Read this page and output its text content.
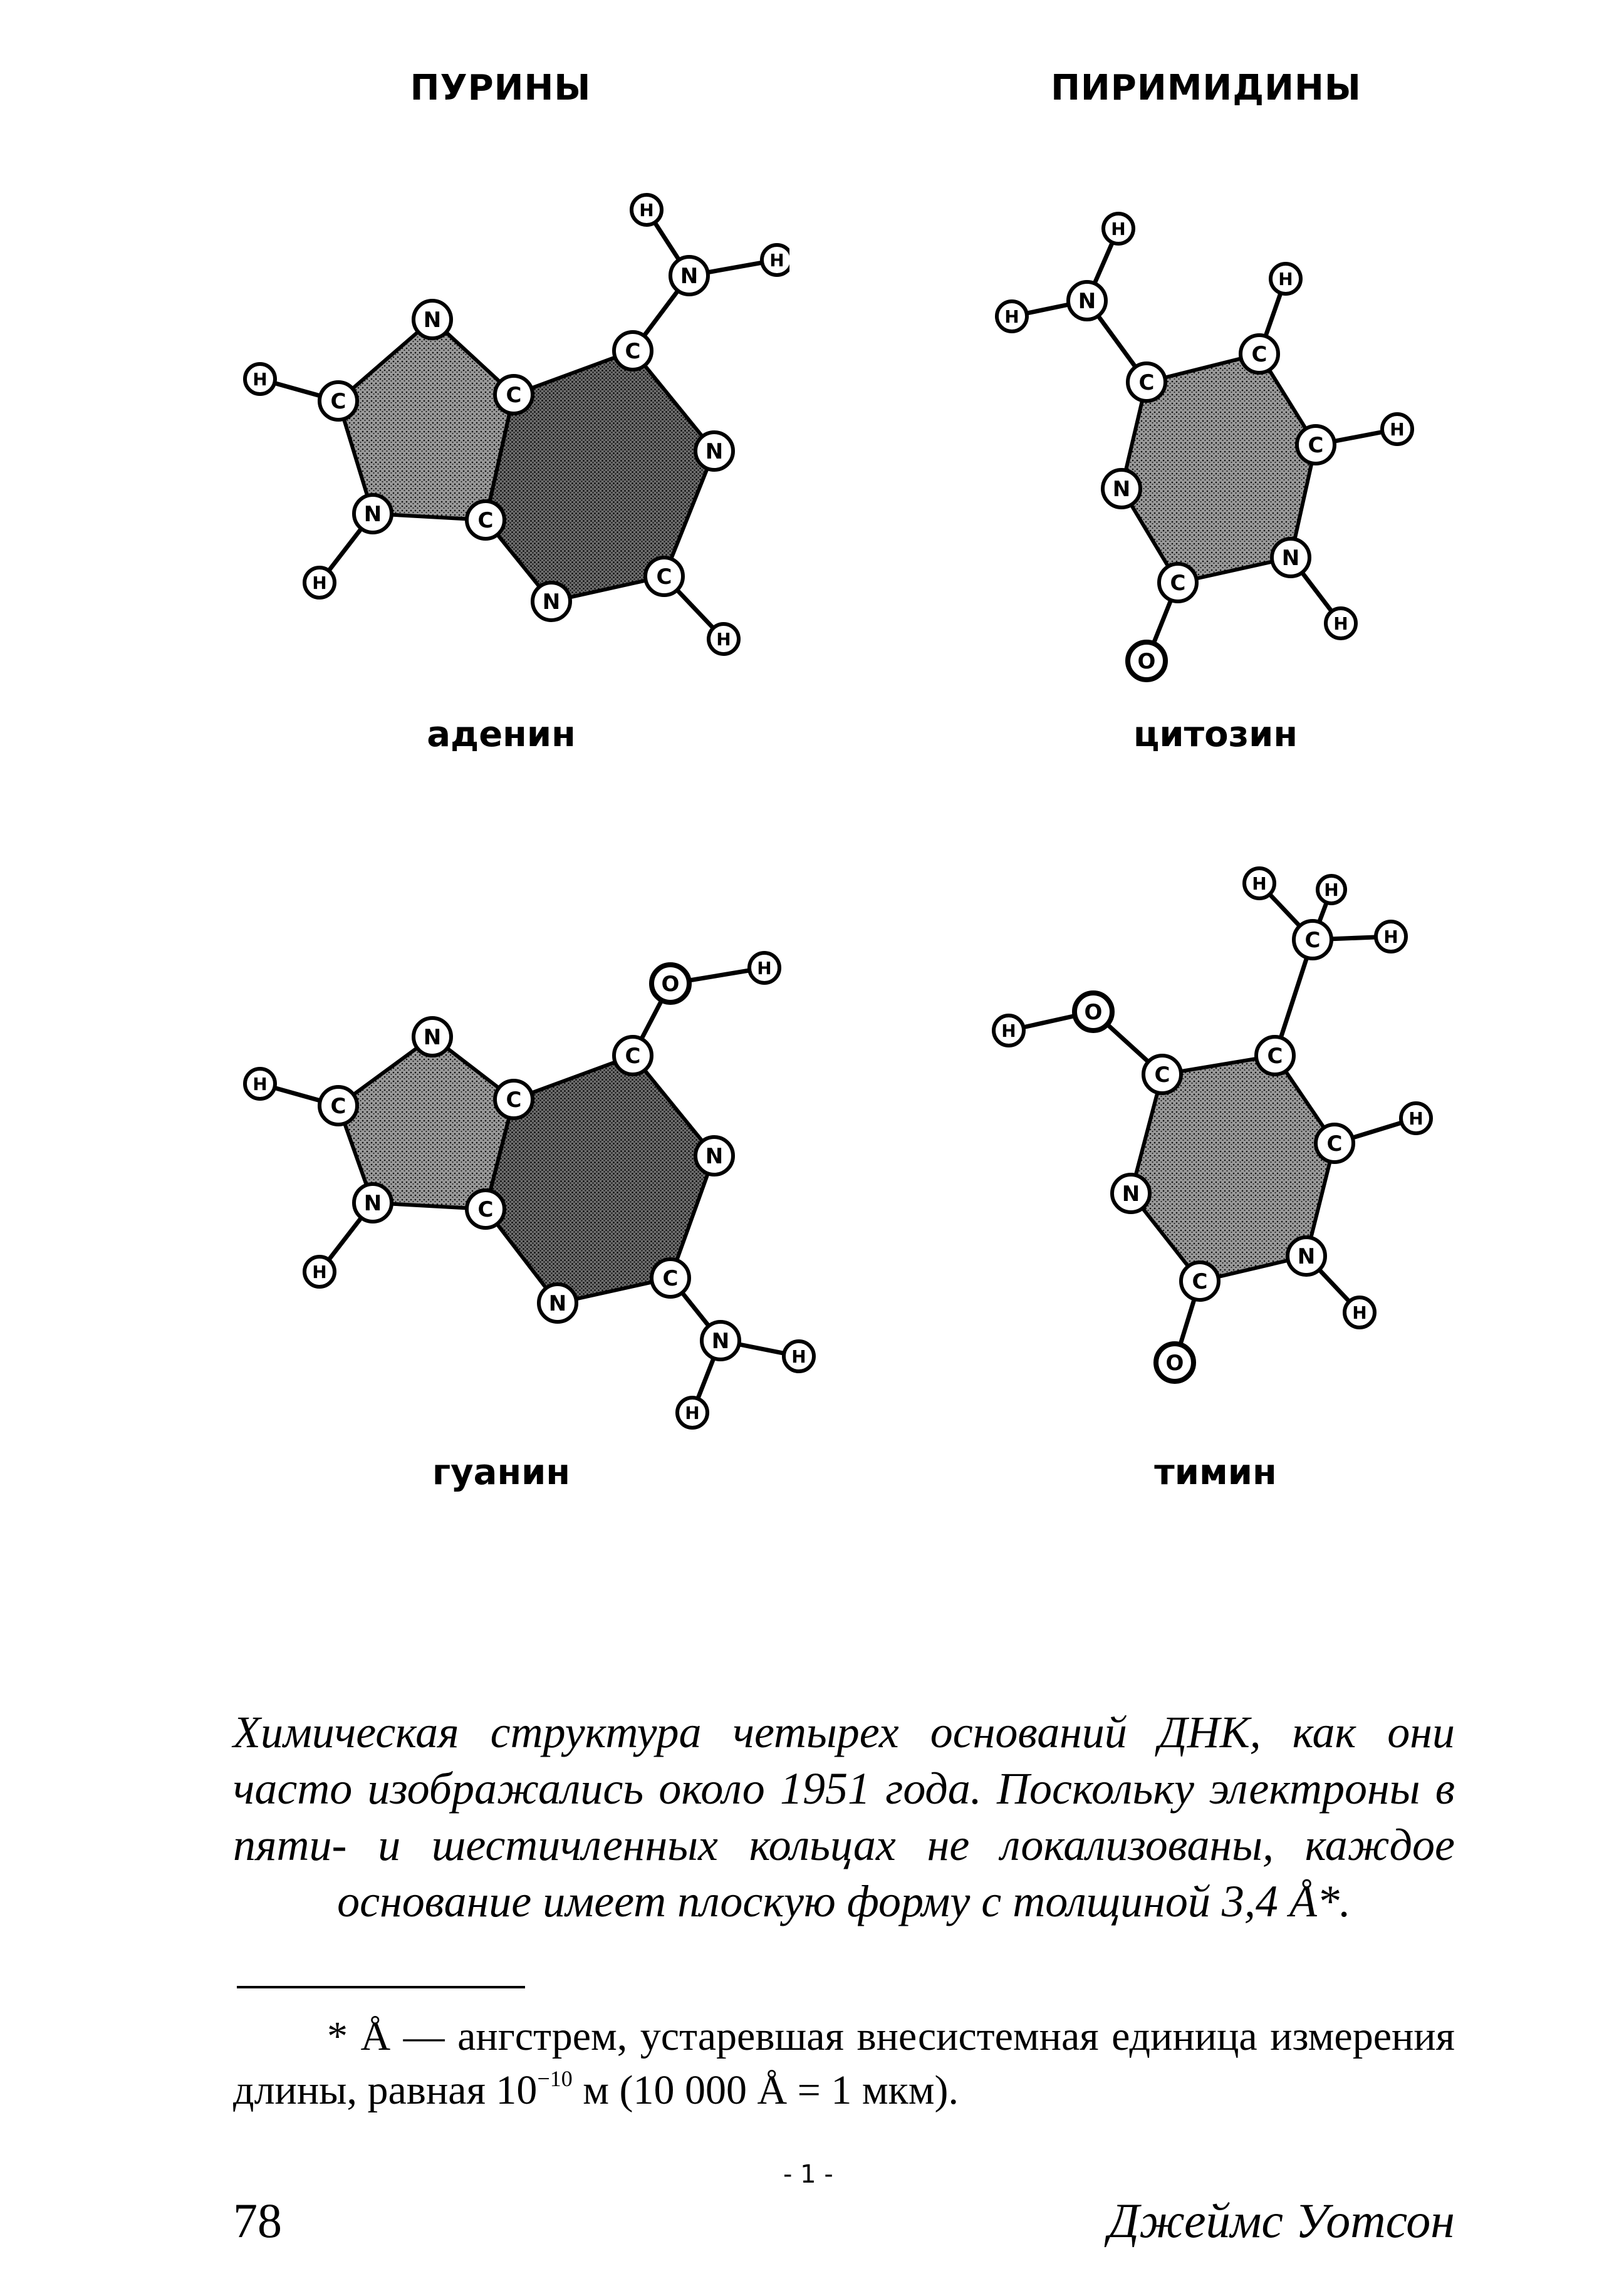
ПУРИНЫ	ПИРИМИДИНЫ
N
C
C
N
C
C
N
C
N
N
H
H
H
H
H
аденин
C
C
C
N
C
N
N
O
H
H
H
H
H
цитозин
N
C
C
N
C
C
N
C
N
O
N
H
H
H
H
H
гуанин
C
C
C
N
C
N
C
O
O
H	H
H
H
H
H
тимин
Химическая структура четырех оснований ДНК, как они часто изображались около 1951 года. Поскольку электроны в пяти- и шестичленных кольцах не локализованы, каждое основание имеет плоскую форму с толщиной 3,4 Å*.
* Å — ангстрем, устаревшая внесистемная единица измерения длины, равная $10^{-10}$ м (10 000 Å = 1 мкм).
78
- 1 -
Джеймс Уотсон
